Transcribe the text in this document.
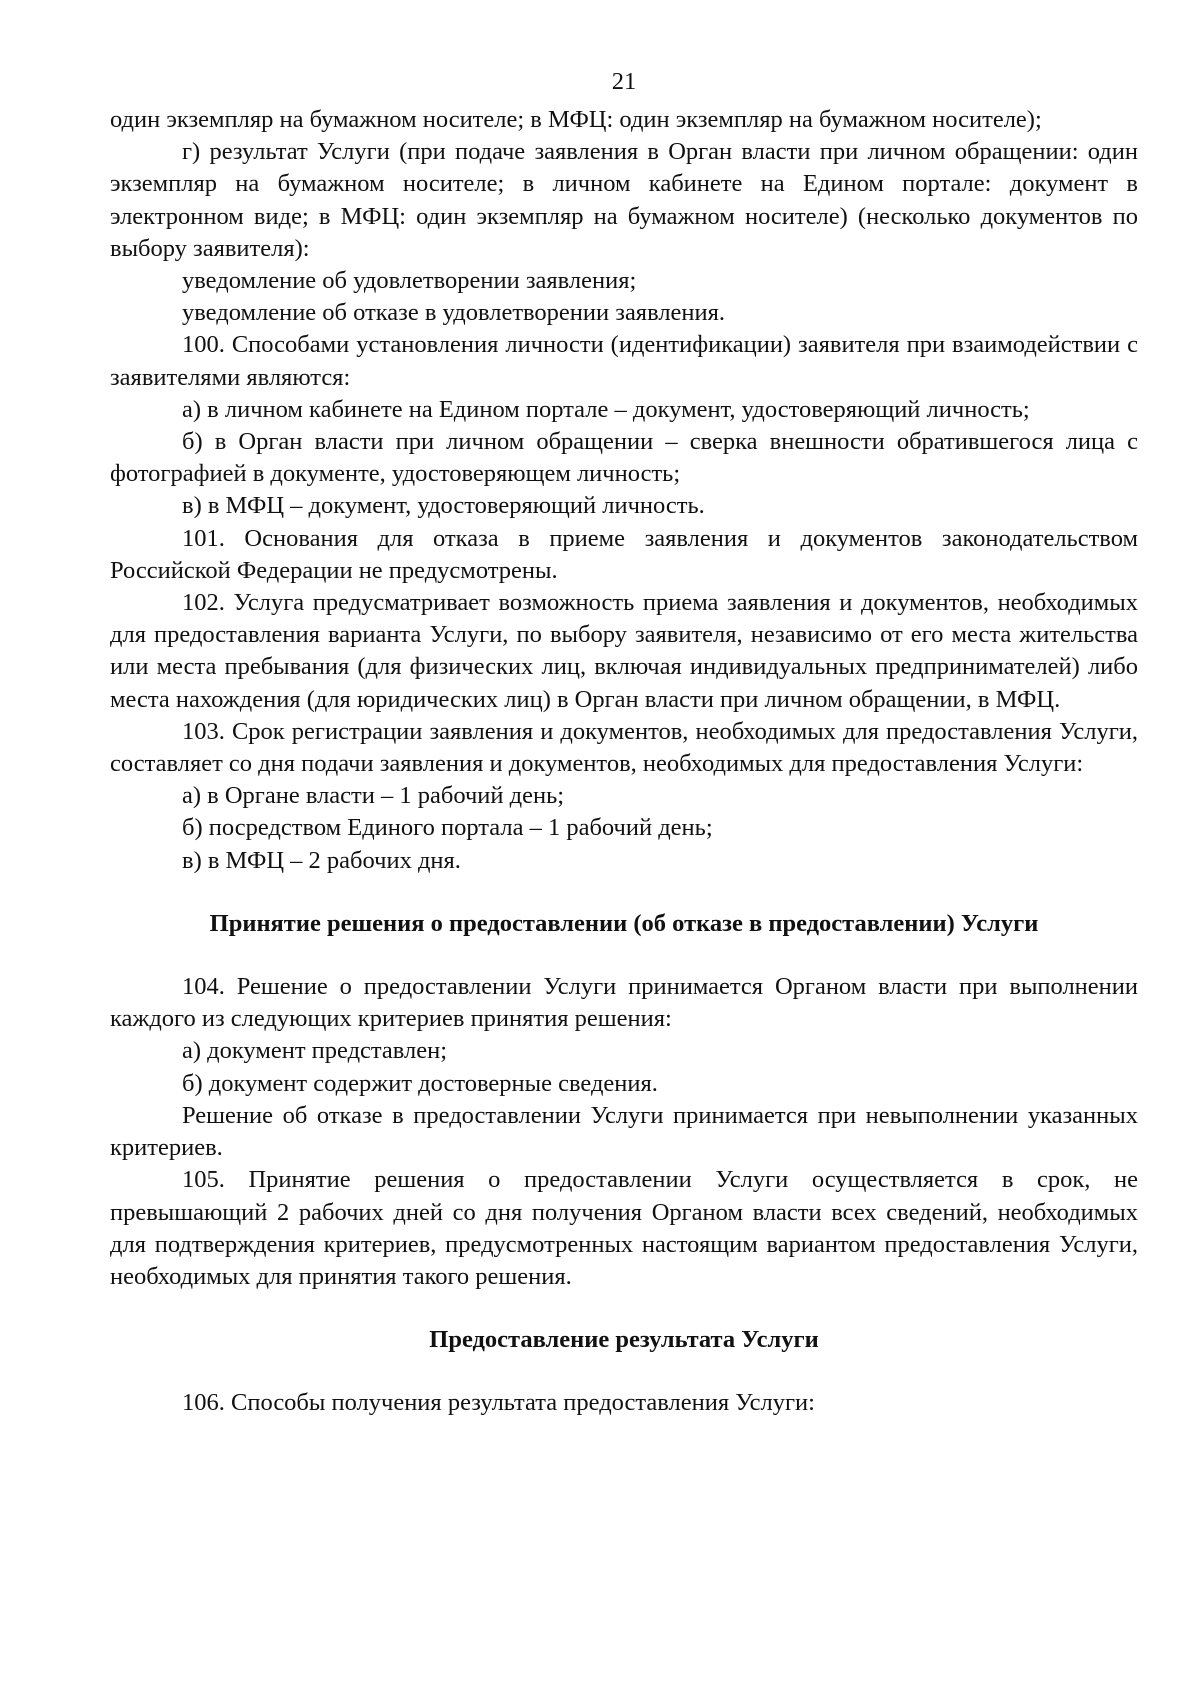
21

один экземпляр на бумажном носителе; в МФЦ: один экземпляр на бумажном носителе);

г) результат Услуги (при подаче заявления в Орган власти при личном обращении: один экземпляр на бумажном носителе; в личном кабинете на Едином портале: документ в электронном виде; в МФЦ: один экземпляр на бумажном носителе) (несколько документов по выбору заявителя):

уведомление об удовлетворении заявления;

уведомление об отказе в удовлетворении заявления.

100. Способами установления личности (идентификации) заявителя при взаимодействии с заявителями являются:

а) в личном кабинете на Едином портале – документ, удостоверяющий личность;

б) в Орган власти при личном обращении – сверка внешности обратившегося лица с фотографией в документе, удостоверяющем личность;

в) в МФЦ – документ, удостоверяющий личность.

101. Основания для отказа в приеме заявления и документов законодательством Российской Федерации не предусмотрены.

102. Услуга предусматривает возможность приема заявления и документов, необходимых для предоставления варианта Услуги, по выбору заявителя, независимо от его места жительства или места пребывания (для физических лиц, включая индивидуальных предпринимателей) либо места нахождения (для юридических лиц) в Орган власти при личном обращении, в МФЦ.

103. Срок регистрации заявления и документов, необходимых для предоставления Услуги, составляет со дня подачи заявления и документов, необходимых для предоставления Услуги:

а) в Органе власти – 1 рабочий день;

б) посредством Единого портала – 1 рабочий день;

в) в МФЦ – 2 рабочих дня.

Принятие решения о предоставлении (об отказе в предоставлении) Услуги

104. Решение о предоставлении Услуги принимается Органом власти при выполнении каждого из следующих критериев принятия решения:

а) документ представлен;

б) документ содержит достоверные сведения.

Решение об отказе в предоставлении Услуги принимается при невыполнении указанных критериев.

105. Принятие решения о предоставлении Услуги осуществляется в срок, не превышающий 2 рабочих дней со дня получения Органом власти всех сведений, необходимых для подтверждения критериев, предусмотренных настоящим вариантом предоставления Услуги, необходимых для принятия такого решения.

Предоставление результата Услуги

106. Способы получения результата предоставления Услуги:
